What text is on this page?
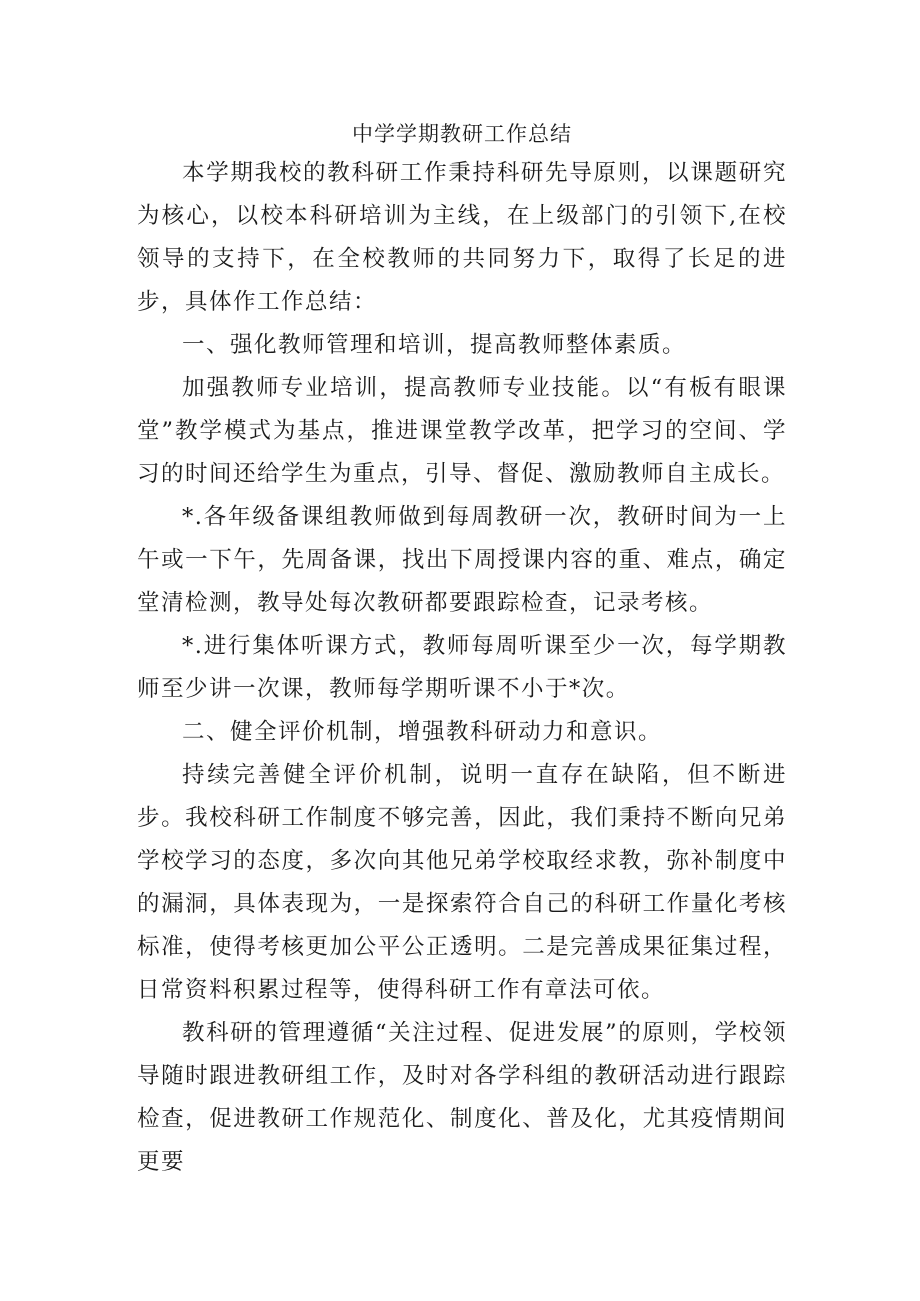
中学学期教研工作总结

本学期我校的教科研工作秉持科研先导原则，以课题研究为核心，以校本科研培训为主线，在上级部门的引领下,在校领导的支持下，在全校教师的共同努力下，取得了长足的进步，具体作工作总结：

一、强化教师管理和培训，提高教师整体素质。

加强教师专业培训，提高教师专业技能。以“有板有眼课堂”教学模式为基点，推进课堂教学改革，把学习的空间、学习的时间还给学生为重点，引导、督促、激励教师自主成长。

*.各年级备课组教师做到每周教研一次，教研时间为一上午或一下午，先周备课，找出下周授课内容的重、难点，确定堂清检测，教导处每次教研都要跟踪检查，记录考核。

*.进行集体听课方式，教师每周听课至少一次，每学期教师至少讲一次课，教师每学期听课不小于*次。

二、健全评价机制，增强教科研动力和意识。

持续完善健全评价机制，说明一直存在缺陷，但不断进步。我校科研工作制度不够完善，因此，我们秉持不断向兄弟学校学习的态度，多次向其他兄弟学校取经求教，弥补制度中的漏洞，具体表现为，一是探索符合自己的科研工作量化考核标准，使得考核更加公平公正透明。二是完善成果征集过程，日常资料积累过程等，使得科研工作有章法可依。

教科研的管理遵循“关注过程、促进发展”的原则，学校领导随时跟进教研组工作，及时对各学科组的教研活动进行跟踪检查，促进教研工作规范化、制度化、普及化，尤其疫情期间更要
